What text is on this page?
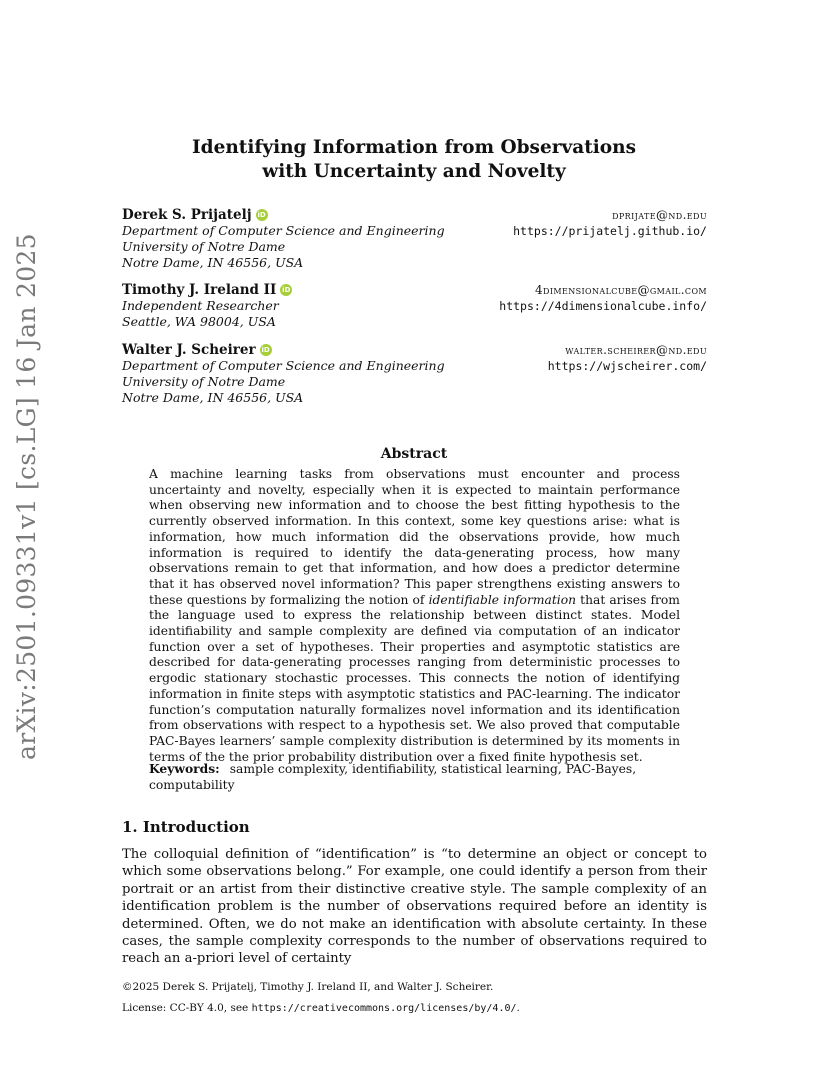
arXiv:2501.09331v1 [cs.LG] 16 Jan 2025
Identifying Information from Observations
with Uncertainty and Novelty
Derek S. Prijatelj iD	dprijate@nd.edu
Department of Computer Science and Engineering	https://prijatelj.github.io/
University of Notre Dame
Notre Dame, IN 46556, USA
Timothy J. Ireland II iD	4dimensionalcube@gmail.com
Independent Researcher	https://4dimensionalcube.info/
Seattle, WA 98004, USA
Walter J. Scheirer iD	walter.scheirer@nd.edu
Department of Computer Science and Engineering	https://wjscheirer.com/
University of Notre Dame
Notre Dame, IN 46556, USA
Abstract
A machine learning tasks from observations must encounter and process uncertainty and novelty, especially when it is expected to maintain performance when observing new information and to choose the best fitting hypothesis to the currently observed information. In this context, some key questions arise: what is information, how much information did the observations provide, how much information is required to identify the data-generating process, how many observations remain to get that information, and how does a predictor determine that it has observed novel information? This paper strengthens existing answers to these questions by formalizing the notion of identifiable information that arises from the language used to express the relationship between distinct states. Model identifiability and sample complexity are defined via computation of an indicator function over a set of hypotheses. Their properties and asymptotic statistics are described for data-generating processes ranging from deterministic processes to ergodic stationary stochastic processes. This connects the notion of identifying information in finite steps with asymptotic statistics and PAC-learning. The indicator function’s computation naturally formalizes novel information and its identification from observations with respect to a hypothesis set. We also proved that computable PAC-Bayes learners’ sample complexity distribution is determined by its moments in terms of the the prior probability distribution over a fixed finite hypothesis set.
Keywords: sample complexity, identifiability, statistical learning, PAC-Bayes, computability
1. Introduction
The colloquial definition of “identification” is “to determine an object or concept to which some observations belong.” For example, one could identify a person from their portrait or an artist from their distinctive creative style. The sample complexity of an identification problem is the number of observations required before an identity is determined. Often, we do not make an identification with absolute certainty. In these cases, the sample complexity corresponds to the number of observations required to reach an a-priori level of certainty
©2025 Derek S. Prijatelj, Timothy J. Ireland II, and Walter J. Scheirer.
License: CC-BY 4.0, see https://creativecommons.org/licenses/by/4.0/.
